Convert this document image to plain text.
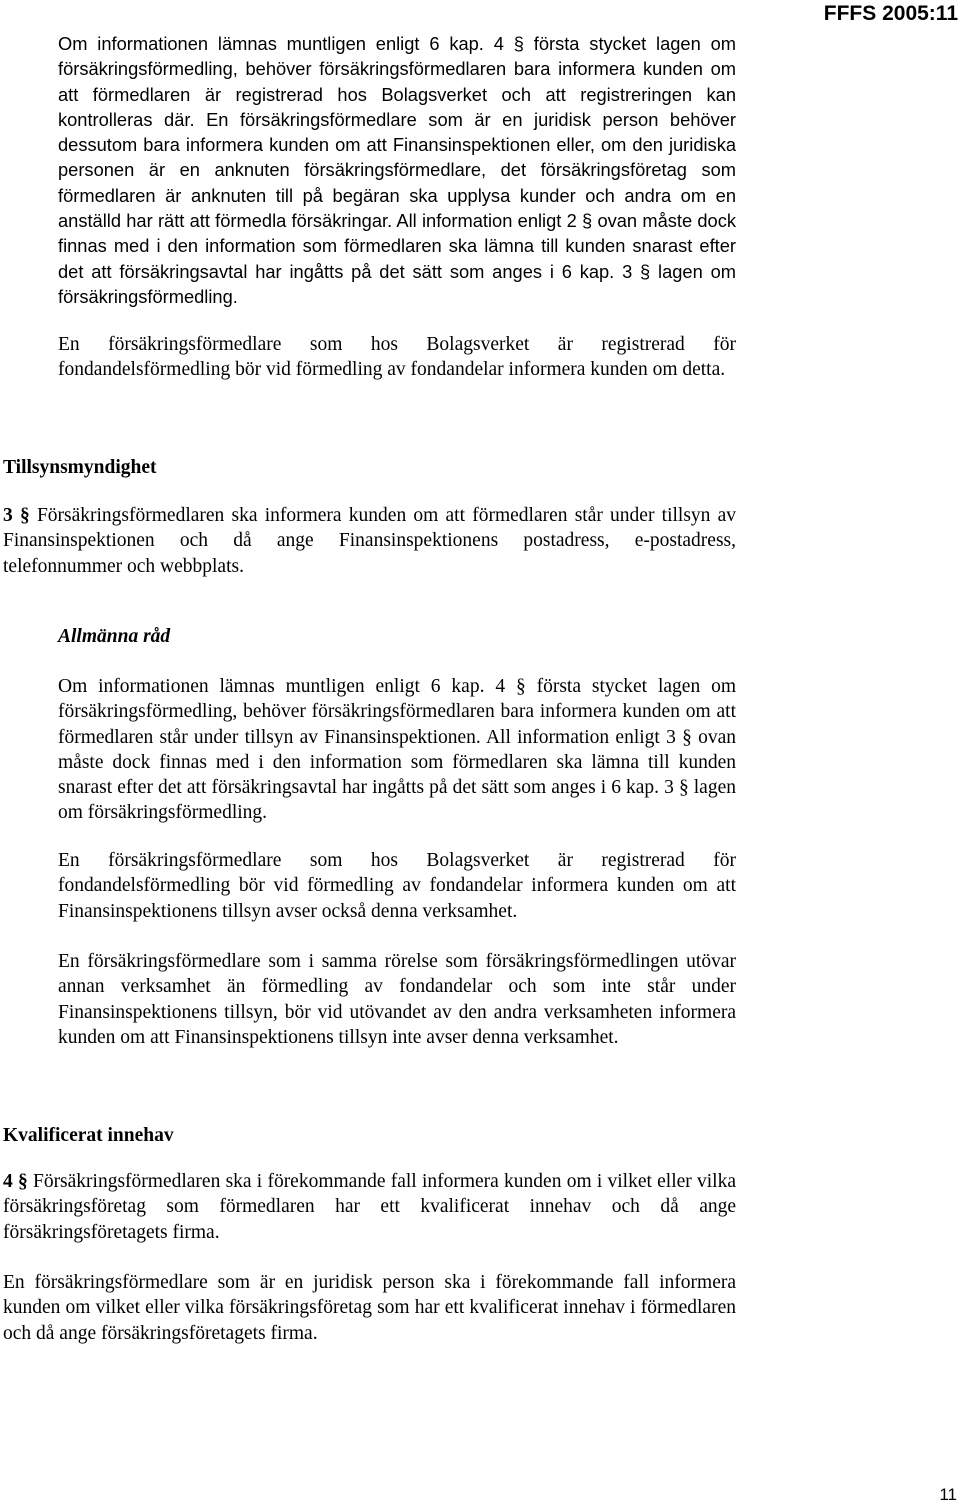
FFFS 2005:11

Om informationen lämnas muntligen enligt 6 kap. 4 § första stycket lagen om försäkringsförmedling, behöver försäkringsförmedlaren bara informera kunden om att förmedlaren är registrerad hos Bolagsverket och att registreringen kan kontrolleras där. En försäkringsförmedlare som är en juridisk person behöver dessutom bara informera kunden om att Finansinspektionen eller, om den juridiska personen är en anknuten försäkringsförmedlare, det försäkringsföretag som förmedlaren är anknuten till på begäran ska upplysa kunder och andra om en anställd har rätt att förmedla försäkringar. All information enligt 2 § ovan måste dock finnas med i den information som förmedlaren ska lämna till kunden snarast efter det att försäkringsavtal har ingåtts på det sätt som anges i 6 kap. 3 § lagen om försäkringsförmedling.

En försäkringsförmedlare som hos Bolagsverket är registrerad för fondandelsförmedling bör vid förmedling av fondandelar informera kunden om detta.

Tillsynsmyndighet

3 § Försäkringsförmedlaren ska informera kunden om att förmedlaren står under tillsyn av Finansinspektionen och då ange Finansinspektionens postadress, e-postadress, telefonnummer och webbplats.

Allmänna råd

Om informationen lämnas muntligen enligt 6 kap. 4 § första stycket lagen om försäkringsförmedling, behöver försäkringsförmedlaren bara informera kunden om att förmedlaren står under tillsyn av Finansinspektionen. All information enligt 3 § ovan måste dock finnas med i den information som förmedlaren ska lämna till kunden snarast efter det att försäkringsavtal har ingåtts på det sätt som anges i 6 kap. 3 § lagen om försäkringsförmedling.

En försäkringsförmedlare som hos Bolagsverket är registrerad för fondandelsförmedling bör vid förmedling av fondandelar informera kunden om att Finansinspektionens tillsyn avser också denna verksamhet.

En försäkringsförmedlare som i samma rörelse som försäkringsförmedlingen utövar annan verksamhet än förmedling av fondandelar och som inte står under Finansinspektionens tillsyn, bör vid utövandet av den andra verksamheten informera kunden om att Finansinspektionens tillsyn inte avser denna verksamhet.

Kvalificerat innehav

4 § Försäkringsförmedlaren ska i förekommande fall informera kunden om i vilket eller vilka försäkringsföretag som förmedlaren har ett kvalificerat innehav och då ange försäkringsföretagets firma.

En försäkringsförmedlare som är en juridisk person ska i förekommande fall informera kunden om vilket eller vilka försäkringsföretag som har ett kvalificerat innehav i förmedlaren och då ange försäkringsföretagets firma.

11
